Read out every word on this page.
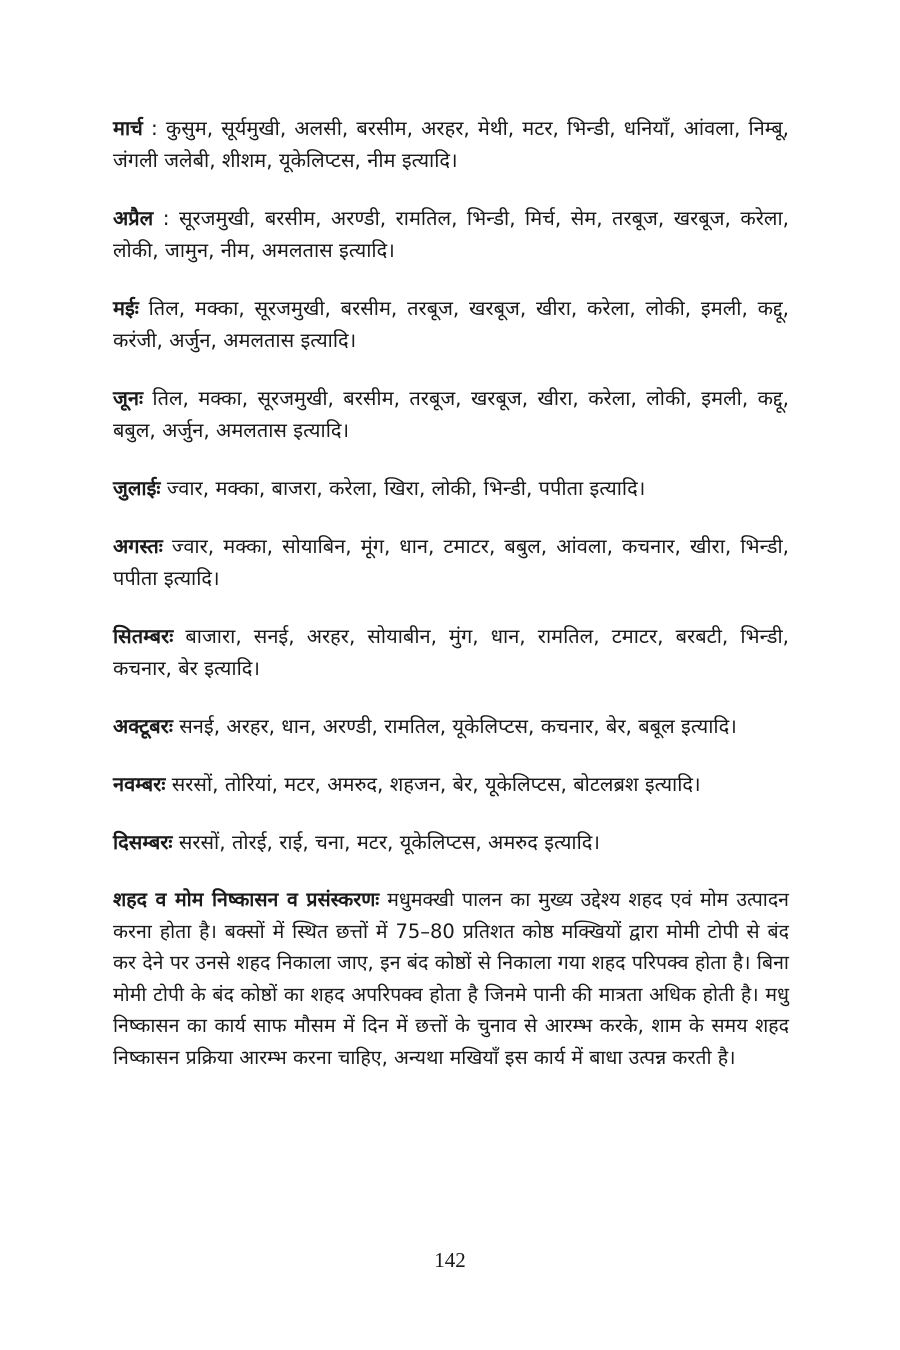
मार्च : कुसुम, सूर्यमुखी, अलसी, बरसीम, अरहर, मेथी, मटर, भिन्डी, धनियाँ, आंवला, निम्बू, जंगली जलेबी, शीशम, यूकेलिप्टस, नीम इत्यादि।

अप्रैल : सूरजमुखी, बरसीम, अरण्डी, रामतिल, भिन्डी, मिर्च, सेम, तरबूज, खरबूज, करेला, लोकी, जामुन, नीम, अमलतास इत्यादि।

मईः तिल, मक्का, सूरजमुखी, बरसीम, तरबूज, खरबूज, खीरा, करेला, लोकी, इमली, कद्दू, करंजी, अर्जुन, अमलतास इत्यादि।

जूनः तिल, मक्का, सूरजमुखी, बरसीम, तरबूज, खरबूज, खीरा, करेला, लोकी, इमली, कद्दू, बबुल, अर्जुन, अमलतास इत्यादि।

जुलाईः ज्वार, मक्का, बाजरा, करेला, खिरा, लोकी, भिन्डी, पपीता इत्यादि।

अगस्तः ज्वार, मक्का, सोयाबिन, मूंग, धान, टमाटर, बबुल, आंवला, कचनार, खीरा, भिन्डी, पपीता इत्यादि।

सितम्बरः बाजारा, सनई, अरहर, सोयाबीन, मुंग, धान, रामतिल, टमाटर, बरबटी, भिन्डी, कचनार, बेर इत्यादि।

अक्टूबरः सनई, अरहर, धान, अरण्डी, रामतिल, यूकेलिप्टस, कचनार, बेर, बबूल इत्यादि।

नवम्बरः सरसों, तोरियां, मटर, अमरुद, शहजन, बेर, यूकेलिप्टस, बोटलब्रश इत्यादि।

दिसम्बरः सरसों, तोरई, राई, चना, मटर, यूकेलिप्टस, अमरुद इत्यादि।

शहद व मोम निष्कासन व प्रसंस्करणः मधुमक्खी पालन का मुख्य उद्देश्य शहद एवं मोम उत्पादन करना होता है। बक्सों में स्थित छत्तों में 75–80 प्रतिशत कोष्ठ मक्खियों द्वारा मोमी टोपी से बंद कर देने पर उनसे शहद निकाला जाए, इन बंद कोष्ठों से निकाला गया शहद परिपक्व होता है। बिना मोमी टोपी के बंद कोष्ठों का शहद अपरिपक्व होता है जिनमे पानी की मात्रता अधिक होती है। मधु निष्कासन का कार्य साफ मौसम में दिन में छत्तों के चुनाव से आरम्भ करके, शाम के समय शहद निष्कासन प्रक्रिया आरम्भ करना चाहिए, अन्यथा मखियाँ इस कार्य में बाधा उत्पन्न करती है।

142
